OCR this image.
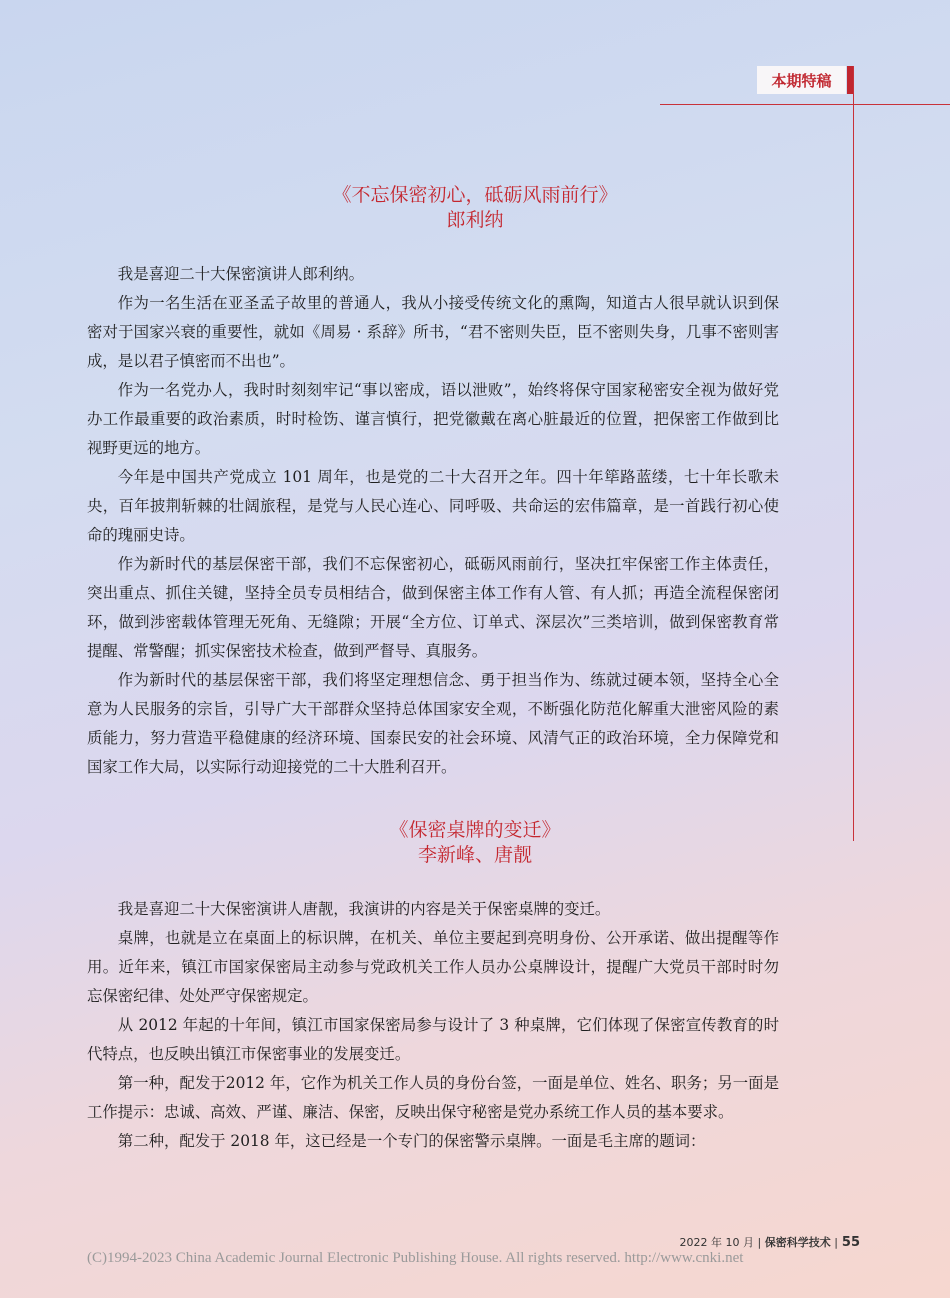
本期特稿
《不忘保密初心，砥砺风雨前行》
郎利纳

我是喜迎二十大保密演讲人郎利纳。

作为一名生活在亚圣孟子故里的普通人，我从小接受传统文化的熏陶，知道古人很早就认识到保密对于国家兴衰的重要性，就如《周易 · 系辞》所书，“君不密则失臣，臣不密则失身，几事不密则害成，是以君子慎密而不出也”。

作为一名党办人，我时时刻刻牢记“事以密成，语以泄败”，始终将保守国家秘密安全视为做好党办工作最重要的政治素质，时时检饬、谨言慎行，把党徽戴在离心脏最近的位置，把保密工作做到比视野更远的地方。

今年是中国共产党成立 101 周年，也是党的二十大召开之年。四十年筚路蓝缕，七十年长歌未央，百年披荆斩棘的壮阔旅程，是党与人民心连心、同呼吸、共命运的宏伟篇章，是一首践行初心使命的瑰丽史诗。

作为新时代的基层保密干部，我们不忘保密初心，砥砺风雨前行，坚决扛牢保密工作主体责任，突出重点、抓住关键，坚持全员专员相结合，做到保密主体工作有人管、有人抓；再造全流程保密闭环，做到涉密载体管理无死角、无缝隙；开展“全方位、订单式、深层次”三类培训，做到保密教育常提醒、常警醒；抓实保密技术检查，做到严督导、真服务。

作为新时代的基层保密干部，我们将坚定理想信念、勇于担当作为、练就过硬本领，坚持全心全意为人民服务的宗旨，引导广大干部群众坚持总体国家安全观，不断强化防范化解重大泄密风险的素质能力，努力营造平稳健康的经济环境、国泰民安的社会环境、风清气正的政治环境，全力保障党和国家工作大局，以实际行动迎接党的二十大胜利召开。

《保密桌牌的变迁》
李新峰、唐靓

我是喜迎二十大保密演讲人唐靓，我演讲的内容是关于保密桌牌的变迁。

桌牌，也就是立在桌面上的标识牌，在机关、单位主要起到亮明身份、公开承诺、做出提醒等作用。近年来，镇江市国家保密局主动参与党政机关工作人员办公桌牌设计，提醒广大党员干部时时勿忘保密纪律、处处严守保密规定。

从 2012 年起的十年间，镇江市国家保密局参与设计了 3 种桌牌，它们体现了保密宣传教育的时代特点，也反映出镇江市保密事业的发展变迁。

第一种，配发于2012 年，它作为机关工作人员的身份台签，一面是单位、姓名、职务；另一面是工作提示：忠诚、高效、严谨、廉洁、保密，反映出保守秘密是党办系统工作人员的基本要求。

第二种，配发于 2018 年，这已经是一个专门的保密警示桌牌。一面是毛主席的题词：

2022 年 10 月 | 保密科学技术 | 55
(C)1994-2023 China Academic Journal Electronic Publishing House. All rights reserved. http://www.cnki.net
